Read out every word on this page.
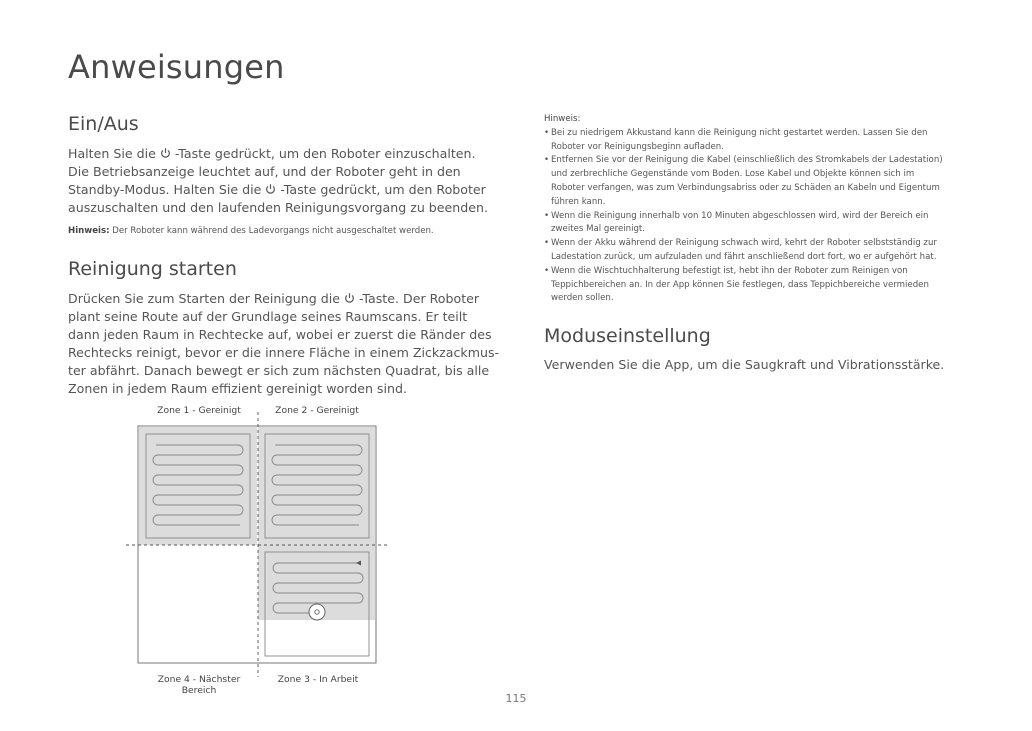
Anweisungen
Ein/Aus
Halten Sie die -Taste gedrückt, um den Roboter einzuschalten.
Die Betriebsanzeige leuchtet auf, und der Roboter geht in den
Standby-Modus. Halten Sie die -Taste gedrückt, um den Roboter
auszuschalten und den laufenden Reinigungsvorgang zu beenden.
Hinweis: Der Roboter kann während des Ladevorgangs nicht ausgeschaltet werden.
Reinigung starten
Drücken Sie zum Starten der Reinigung die -Taste. Der Roboter
plant seine Route auf der Grundlage seines Raumscans. Er teilt
dann jeden Raum in Rechtecke auf, wobei er zuerst die Ränder des
Rechtecks reinigt, bevor er die innere Fläche in einem Zickzackmus-
ter abfährt. Danach bewegt er sich zum nächsten Quadrat, bis alle
Zonen in jedem Raum effizient gereinigt worden sind.
Zone 1 - Gereinigt	Zone 2 - Gereinigt
Zone 4 - Nächster
Bereich
Zone 3 - In Arbeit
Hinweis:
• Bei zu niedrigem Akkustand kann die Reinigung nicht gestartet werden. Lassen Sie den
Roboter vor Reinigungsbeginn aufladen.
• Entfernen Sie vor der Reinigung die Kabel (einschließlich des Stromkabels der Ladestation)
und zerbrechliche Gegenstände vom Boden. Lose Kabel und Objekte können sich im
Roboter verfangen, was zum Verbindungsabriss oder zu Schäden an Kabeln und Eigentum
führen kann.
• Wenn die Reinigung innerhalb von 10 Minuten abgeschlossen wird, wird der Bereich ein
zweites Mal gereinigt.
• Wenn der Akku während der Reinigung schwach wird, kehrt der Roboter selbstständig zur
Ladestation zurück, um aufzuladen und fährt anschließend dort fort, wo er aufgehört hat.
• Wenn die Wischtuchhalterung befestigt ist, hebt ihn der Roboter zum Reinigen von
Teppichbereichen an. In der App können Sie festlegen, dass Teppichbereiche vermieden
werden sollen.
Moduseinstellung
Verwenden Sie die App, um die Saugkraft und Vibrationsstärke.
115
